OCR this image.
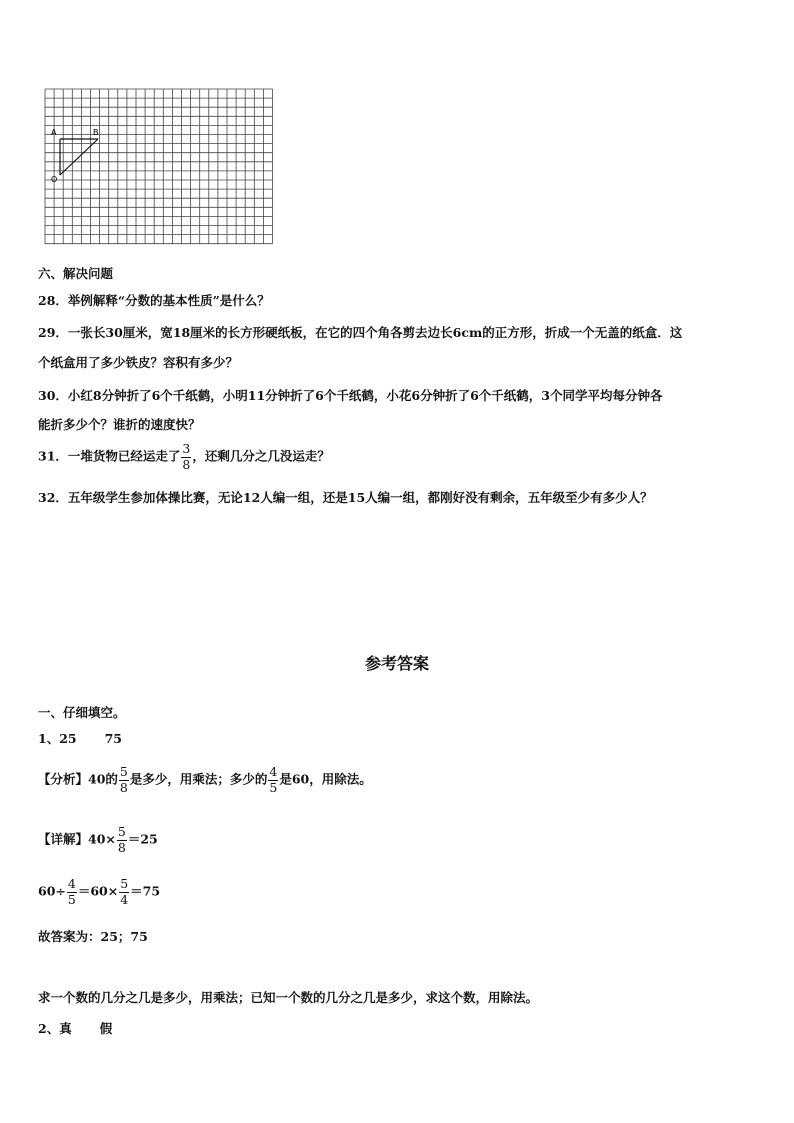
A	B
O
六、解决问题
28．举例解释“分数的基本性质”是什么？
29．一张长30厘米，宽18厘米的长方形硬纸板，在它的四个角各剪去边长6cm的正方形，折成一个无盖的纸盒．这
个纸盒用了多少铁皮？容积有多少？
30．小红8分钟折了6个千纸鹤，小明11分钟折了6个千纸鹤，小花6分钟折了6个千纸鹤，3个同学平均每分钟各
能折多少个？谁折的速度快？
31．一堆货物已经运走了 $\frac{3}{8}$ ，还剩几分之几没运走？
32．五年级学生参加体操比赛，无论12人编一组，还是15人编一组，都刚好没有剩余，五年级至少有多少人？
参考答案
一、仔细填空。
1、25 75
【分析】40的 $\frac{5}{8}$ 是多少，用乘法；多少的 $\frac{4}{5}$ 是60，用除法。
【详解】$40\times \frac{5}{8} =25$
$60\div \frac{4}{5} =60\times \frac{5}{4} =75$
故答案为：25；75
求一个数的几分之几是多少，用乘法；已知一个数的几分之几是多少，求这个数，用除法。
2、真 假
